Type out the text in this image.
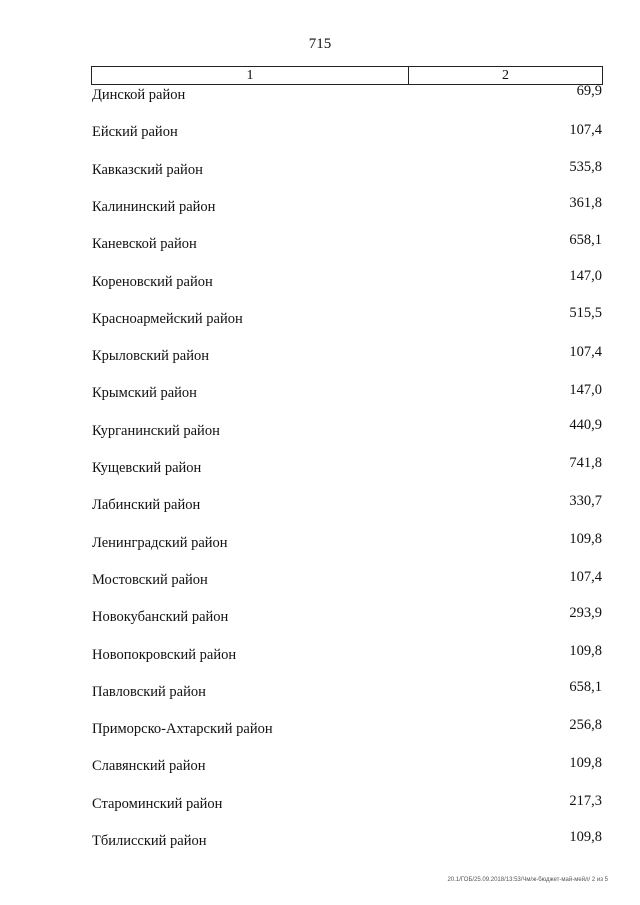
715
1	2
Динской район	69,9
Ейский район	107,4
Кавказский район	535,8
Калининский район	361,8
Каневской район	658,1
Кореновский район	147,0
Красноармейский район	515,5
Крыловский район	107,4
Крымский район	147,0
Курганинский район	440,9
Кущевский район	741,8
Лабинский район	330,7
Ленинградский район	109,8
Мостовский район	107,4
Новокубанский район	293,9
Новопокровский район	109,8
Павловский район	658,1
Приморско-Ахтарский район	256,8
Славянский район	109,8
Староминский район	217,3
Тбилисский район	109,8
20.1/ГОБ/25.09.2018/13:53/Чм/ж-бюджет-май-мейл/ 2 из 5
